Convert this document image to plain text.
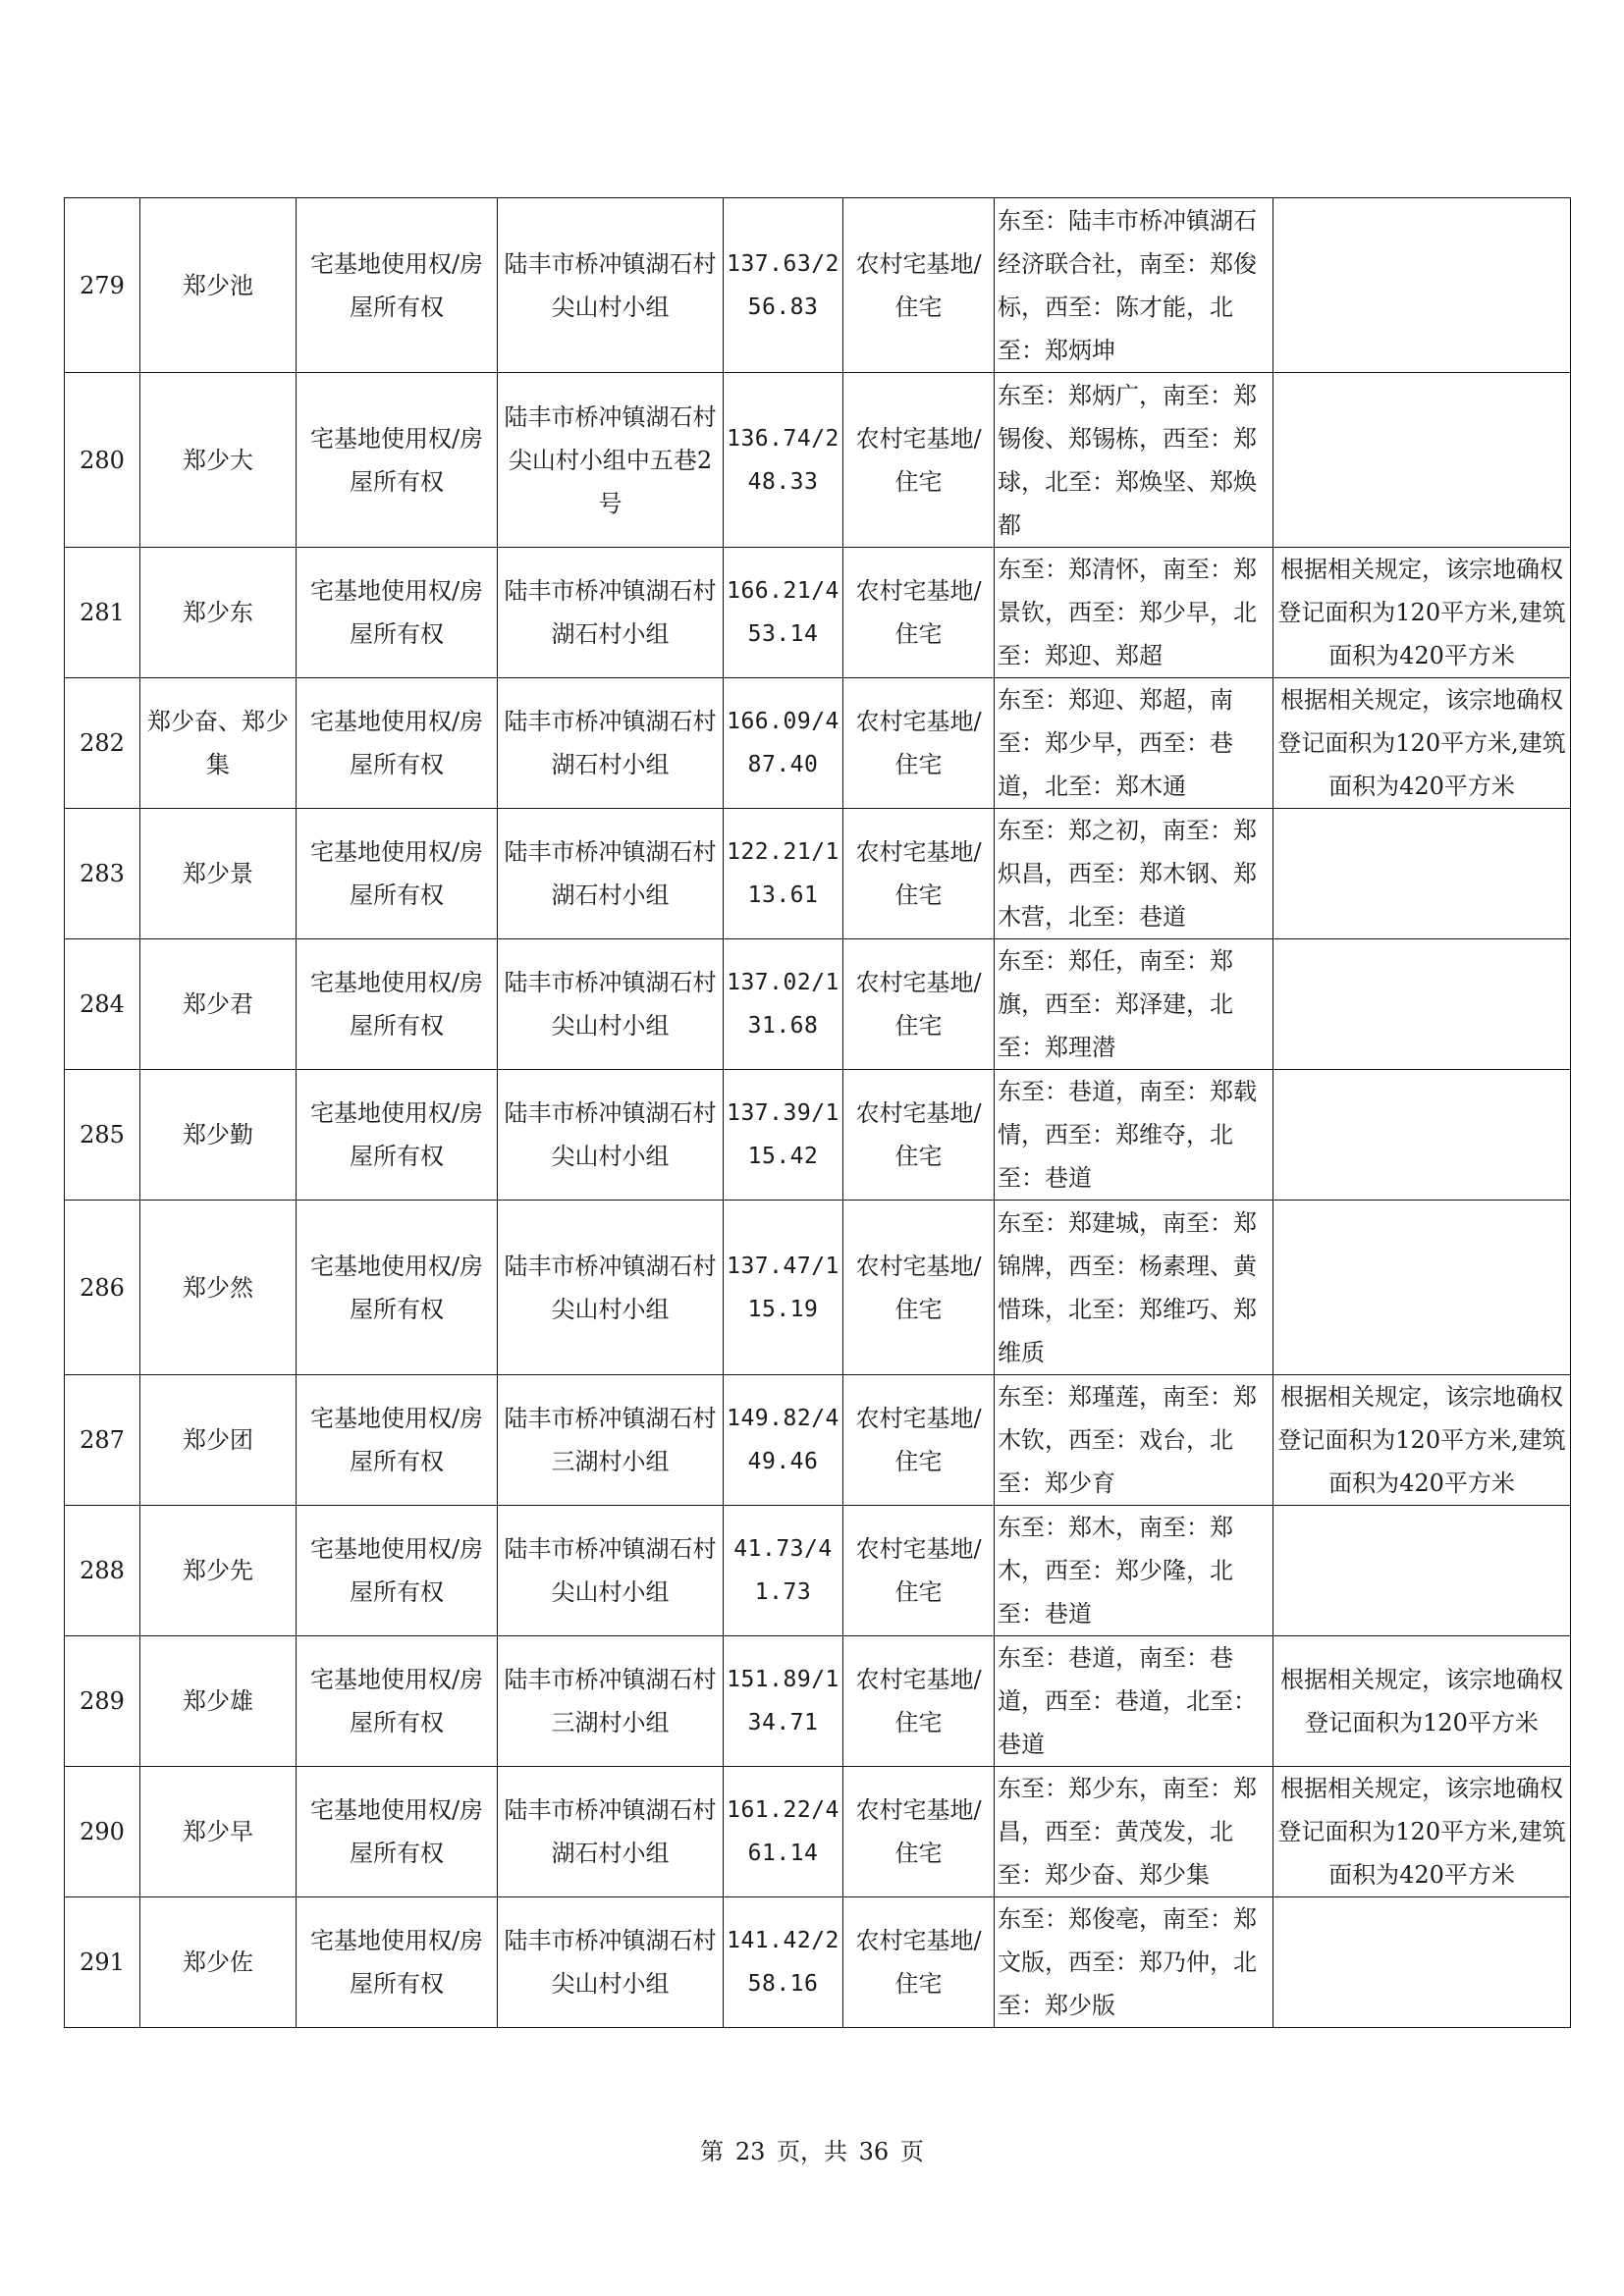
279	郑少池	宅基地使用权/房屋所有权	陆丰市桥冲镇湖石村尖山村小组	137.63/256.83	农村宅基地/住宅	东至：陆丰市桥冲镇湖石经济联合社，南至：郑俊标，西至：陈才能，北至：郑炳坤	
280	郑少大	宅基地使用权/房屋所有权	陆丰市桥冲镇湖石村尖山村小组中五巷2号	136.74/248.33	农村宅基地/住宅	东至：郑炳广，南至：郑锡俊、郑锡栋，西至：郑球，北至：郑焕坚、郑焕都	
281	郑少东	宅基地使用权/房屋所有权	陆丰市桥冲镇湖石村湖石村小组	166.21/453.14	农村宅基地/住宅	东至：郑清怀，南至：郑景钦，西至：郑少早，北至：郑迎、郑超	根据相关规定，该宗地确权登记面积为120平方米,建筑面积为420平方米
282	郑少奋、郑少集	宅基地使用权/房屋所有权	陆丰市桥冲镇湖石村湖石村小组	166.09/487.40	农村宅基地/住宅	东至：郑迎、郑超，南至：郑少早，西至：巷道，北至：郑木通	根据相关规定，该宗地确权登记面积为120平方米,建筑面积为420平方米
283	郑少景	宅基地使用权/房屋所有权	陆丰市桥冲镇湖石村湖石村小组	122.21/113.61	农村宅基地/住宅	东至：郑之初，南至：郑炽昌，西至：郑木钢、郑木营，北至：巷道	
284	郑少君	宅基地使用权/房屋所有权	陆丰市桥冲镇湖石村尖山村小组	137.02/131.68	农村宅基地/住宅	东至：郑任，南至：郑旗，西至：郑泽建，北至：郑理潜	
285	郑少勤	宅基地使用权/房屋所有权	陆丰市桥冲镇湖石村尖山村小组	137.39/115.42	农村宅基地/住宅	东至：巷道，南至：郑载情，西至：郑维夺，北至：巷道	
286	郑少然	宅基地使用权/房屋所有权	陆丰市桥冲镇湖石村尖山村小组	137.47/115.19	农村宅基地/住宅	东至：郑建城，南至：郑锦牌，西至：杨素理、黄惜珠，北至：郑维巧、郑维质	
287	郑少团	宅基地使用权/房屋所有权	陆丰市桥冲镇湖石村三湖村小组	149.82/449.46	农村宅基地/住宅	东至：郑瑾莲，南至：郑木钦，西至：戏台，北至：郑少育	根据相关规定，该宗地确权登记面积为120平方米,建筑面积为420平方米
288	郑少先	宅基地使用权/房屋所有权	陆丰市桥冲镇湖石村尖山村小组	41.73/41.73	农村宅基地/住宅	东至：郑木，南至：郑木，西至：郑少隆，北至：巷道	
289	郑少雄	宅基地使用权/房屋所有权	陆丰市桥冲镇湖石村三湖村小组	151.89/134.71	农村宅基地/住宅	东至：巷道，南至：巷道，西至：巷道，北至：巷道	根据相关规定，该宗地确权登记面积为120平方米
290	郑少早	宅基地使用权/房屋所有权	陆丰市桥冲镇湖石村湖石村小组	161.22/461.14	农村宅基地/住宅	东至：郑少东，南至：郑昌，西至：黄茂发，北至：郑少奋、郑少集	根据相关规定，该宗地确权登记面积为120平方米,建筑面积为420平方米
291	郑少佐	宅基地使用权/房屋所有权	陆丰市桥冲镇湖石村尖山村小组	141.42/258.16	农村宅基地/住宅	东至：郑俊亳，南至：郑文版，西至：郑乃仲，北至：郑少版	
第 23 页，共 36 页
